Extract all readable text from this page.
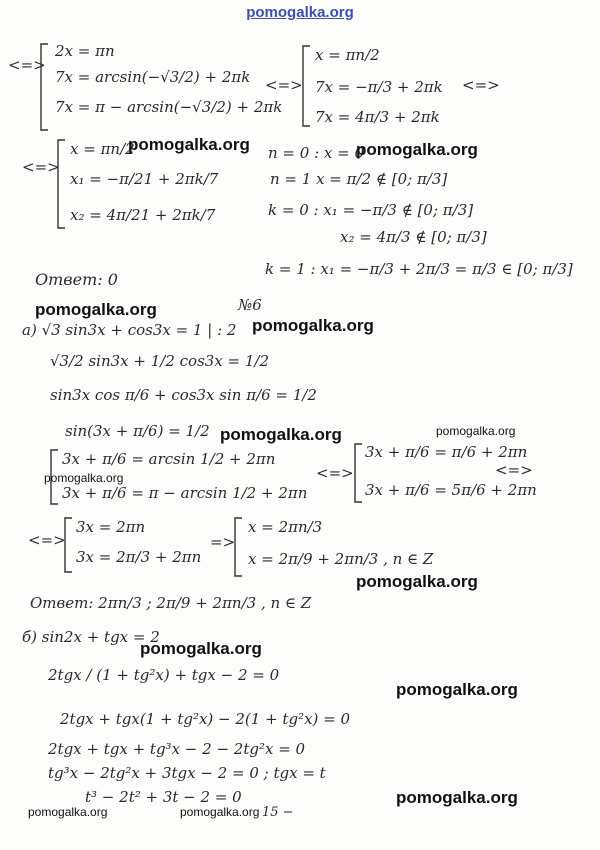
pomogalka.org
<=>
2x = πn
7x = arcsin(−√3/2) + 2πk
7x = π − arcsin(−√3/2) + 2πk
<=>
x = πn/2
7x = −π/3 + 2πk
7x = 4π/3 + 2πk
<=>
<=>
x = πn/2
x₁ = −π/21 + 2πk/7
x₂ = 4π/21 + 2πk/7
n = 0 : x = 0
n = 1 x = π/2 ∉ [0; π/3]
k = 0 : x₁ = −π/3 ∉ [0; π/3]
x₂ = 4π/3 ∉ [0; π/3]
k = 1 : x₁ = −π/3 + 2π/3 = π/3 ∈ [0; π/3]
Ответ: 0
№6
а) √3 sin3x + cos3x = 1 | : 2
√3/2 sin3x + 1/2 cos3x = 1/2
sin3x cos π/6 + cos3x sin π/6 = 1/2
sin(3x + π/6) = 1/2
3x + π/6 = arcsin 1/2 + 2πn
3x + π/6 = π − arcsin 1/2 + 2πn
<=>
3x + π/6 = π/6 + 2πn
3x + π/6 = 5π/6 + 2πn
<=>
<=>
3x = 2πn
3x = 2π/3 + 2πn
=>
x = 2πn/3
x = 2π/9 + 2πn/3 , n ∈ Z
Ответ: 2πn/3 ; 2π/9 + 2πn/3 , n ∈ Z
б) sin2x + tgx = 2
2tgx / (1 + tg²x) + tgx − 2 = 0
2tgx + tgx(1 + tg²x) − 2(1 + tg²x) = 0
2tgx + tgx + tg³x − 2 − 2tg²x = 0
tg³x − 2tg²x + 3tgx − 2 = 0 ; tgx = t
t³ − 2t² + 3t − 2 = 0
15 −
pomogalka.org	pomogalka.org
pomogalka.org
pomogalka.org
pomogalka.org	pomogalka.org
pomogalka.org
pomogalka.org
pomogalka.org
pomogalka.org
pomogalka.org
pomogalka.org	pomogalka.org
